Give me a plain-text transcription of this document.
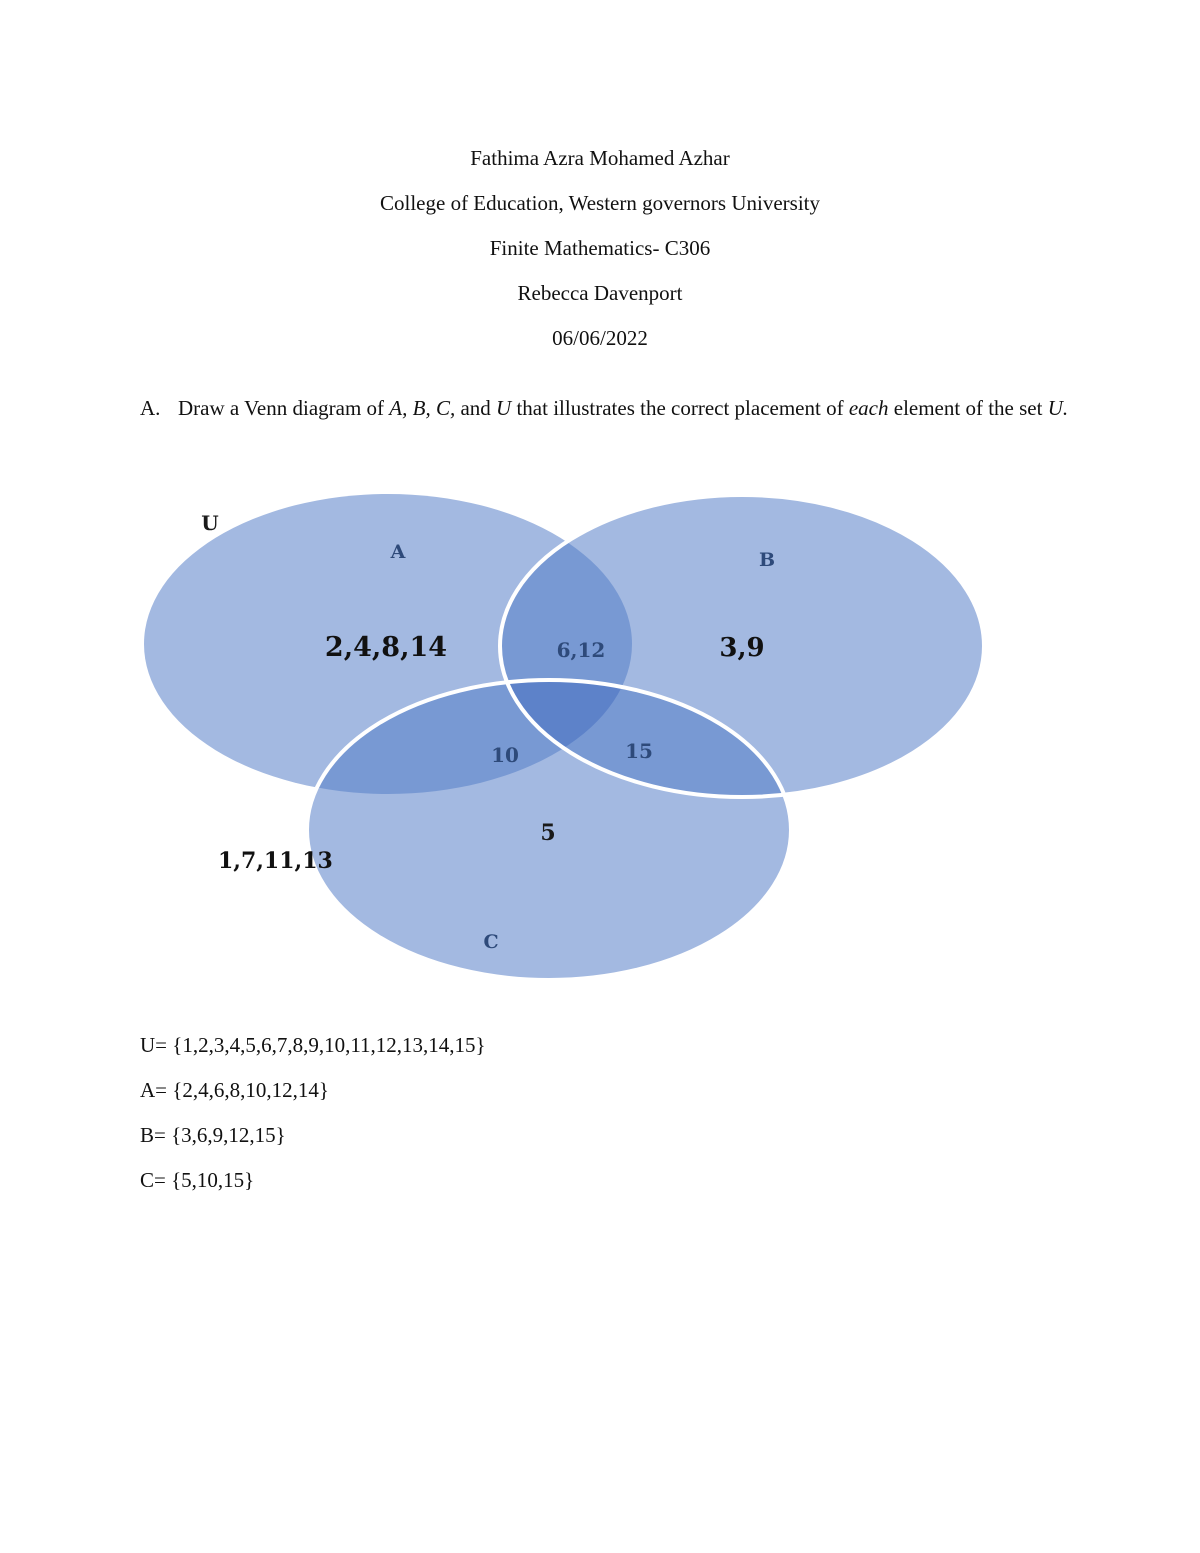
Fathima Azra Mohamed Azhar
College of Education, Western governors University
Finite Mathematics- C306
Rebecca Davenport
06/06/2022
A. Draw a Venn diagram of A, B, C, and U that illustrates the correct placement of each element of the set U.
U
A	B
C
2,4,8,14	3,9
6,12
10	15
5
1,7,11,13
U= {1,2,3,4,5,6,7,8,9,10,11,12,13,14,15}
A= {2,4,6,8,10,12,14}
B= {3,6,9,12,15}
C= {5,10,15}
